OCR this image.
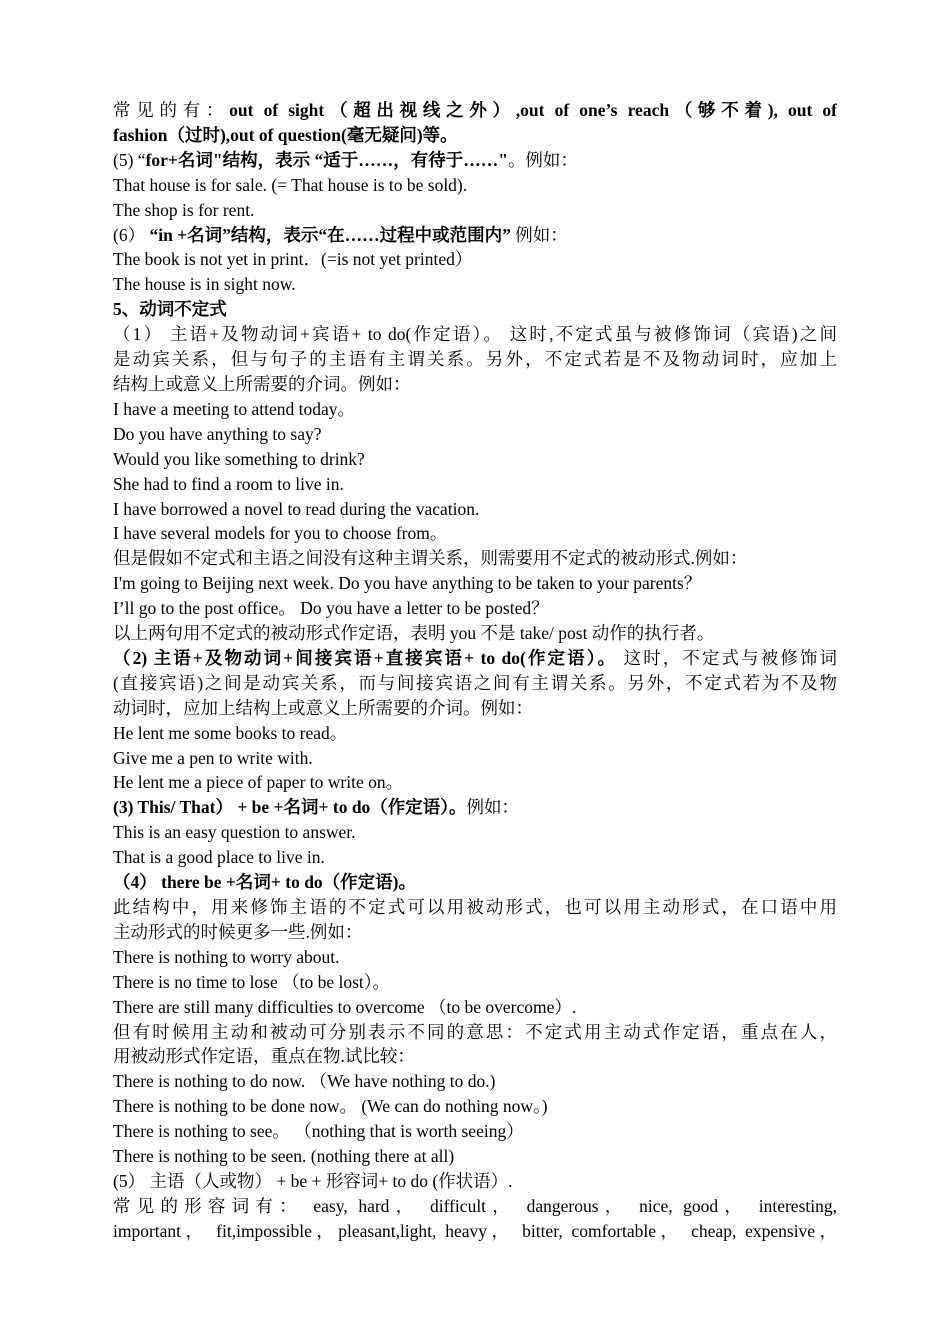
常见的有：out of sight（超出视线之外）,out of one’s reach（够不着), out of

fashion（过时),out of question(毫无疑问)等。

(5) “for+名词"结构，表示 “适于……，有待于……"。例如：

That house is for sale. (= That house is to be sold).

The shop is for rent.

(6） “in +名词”结构，表示“在……过程中或范围内” 例如：

The book is not yet in print．(=is not yet printed）

The house is in sight now.

5、动词不定式

（1） 主语+及物动词+宾语+ to do(作定语）。 这时,不定式虽与被修饰词（宾语)之间

是动宾关系，但与句子的主语有主谓关系。另外，不定式若是不及物动词时，应加上

结构上或意义上所需要的介词。例如：

I have a meeting to attend today。

Do you have anything to say?

Would you like something to drink?

She had to find a room to live in.

I have borrowed a novel to read during the vacation.

I have several models for you to choose from。

但是假如不定式和主语之间没有这种主谓关系，则需要用不定式的被动形式.例如：

I'm going to Beijing next week. Do you have anything to be taken to your parents？

I’ll go to the post office。 Do you have a letter to be posted？

以上两句用不定式的被动形式作定语，表明 you 不是 take/ post 动作的执行者。

（2) 主语+及物动词+间接宾语+直接宾语+ to do(作定语）。 这时，不定式与被修饰词

(直接宾语)之间是动宾关系，而与间接宾语之间有主谓关系。另外，不定式若为不及物

动词时，应加上结构上或意义上所需要的介词。例如：

He lent me some books to read。

Give me a pen to write with.

He lent me a piece of paper to write on。

(3) This/ That） + be +名词+ to do（作定语）。例如：

This is an easy question to answer.

That is a good place to live in.

（4） there be +名词+ to do（作定语)。

此结构中，用来修饰主语的不定式可以用被动形式，也可以用主动形式，在口语中用

主动形式的时候更多一些.例如：

There is nothing to worry about.

There is no time to lose （to be lost）。

There are still many difficulties to overcome （to be overcome）.

但有时候用主动和被动可分别表示不同的意思：不定式用主动式作定语，重点在人，

用被动形式作定语，重点在物.试比较：

There is nothing to do now. （We have nothing to do.)

There is nothing to be done now。 (We can do nothing now。)

There is nothing to see。 （nothing that is worth seeing）

There is nothing to be seen. (nothing there at all)

(5） 主语（人或物） + be + 形容词+ to do (作状语）.

常见的形容词有： easy, hard， difficult， dangerous， nice, good， interesting,

important， fit,impossible，pleasant,light, heavy， bitter, comfortable， cheap, expensive，
